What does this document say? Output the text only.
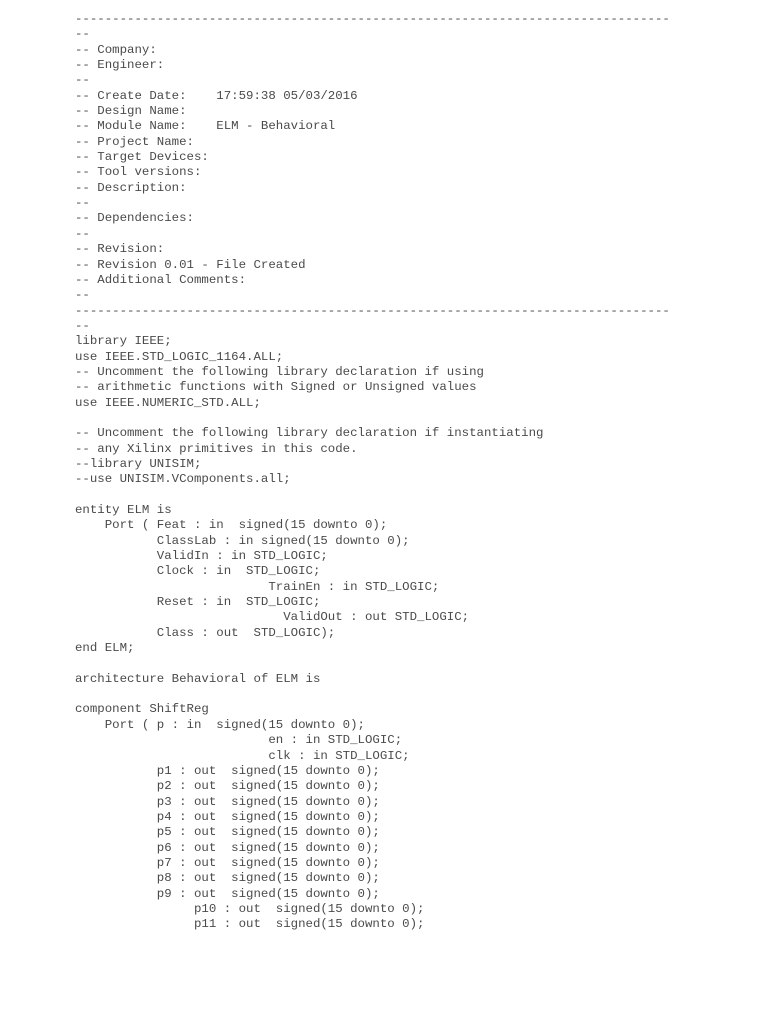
--------------------------------------------------------------------------------
--
-- Company:
-- Engineer:
--
-- Create Date:    17:59:38 05/03/2016
-- Design Name:
-- Module Name:    ELM - Behavioral
-- Project Name:
-- Target Devices:
-- Tool versions:
-- Description:
--
-- Dependencies:
--
-- Revision:
-- Revision 0.01 - File Created
-- Additional Comments:
--
--------------------------------------------------------------------------------
--
library IEEE;
use IEEE.STD_LOGIC_1164.ALL;
-- Uncomment the following library declaration if using
-- arithmetic functions with Signed or Unsigned values
use IEEE.NUMERIC_STD.ALL;
-- Uncomment the following library declaration if instantiating
-- any Xilinx primitives in this code.
--library UNISIM;
--use UNISIM.VComponents.all;
entity ELM is
Port ( Feat : in  signed(15 downto 0);
ClassLab : in signed(15 downto 0);
ValidIn : in STD_LOGIC;
Clock : in  STD_LOGIC;
TrainEn : in STD_LOGIC;
Reset : in  STD_LOGIC;
ValidOut : out STD_LOGIC;
Class : out  STD_LOGIC);
end ELM;
architecture Behavioral of ELM is
component ShiftReg
Port ( p : in  signed(15 downto 0);
en : in STD_LOGIC;
clk : in STD_LOGIC;
p1 : out  signed(15 downto 0);
p2 : out  signed(15 downto 0);
p3 : out  signed(15 downto 0);
p4 : out  signed(15 downto 0);
p5 : out  signed(15 downto 0);
p6 : out  signed(15 downto 0);
p7 : out  signed(15 downto 0);
p8 : out  signed(15 downto 0);
p9 : out  signed(15 downto 0);
p10 : out  signed(15 downto 0);
p11 : out  signed(15 downto 0);
